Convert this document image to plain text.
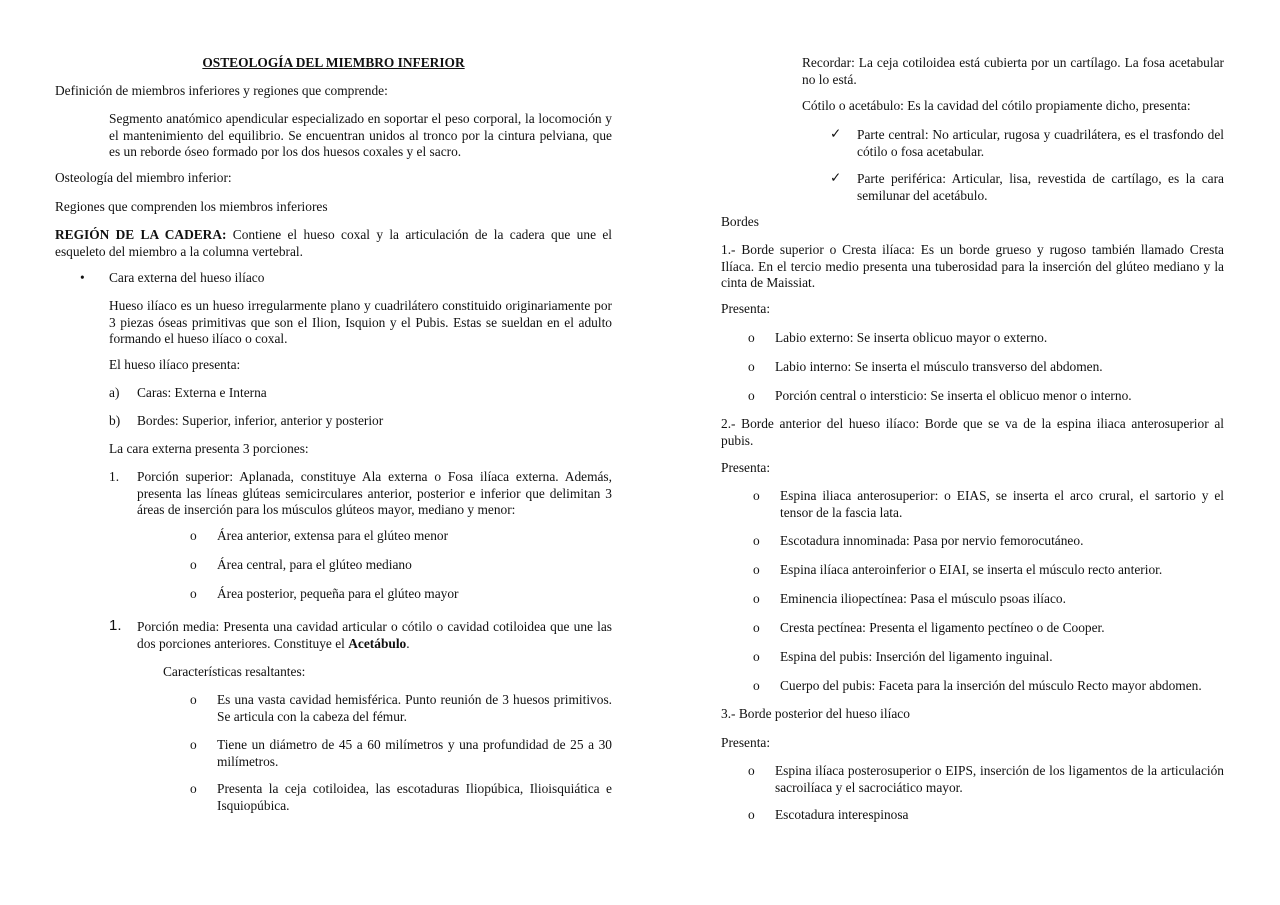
OSTEOLOGÍA DEL MIEMBRO INFERIOR

Definición de miembros inferiores y regiones que comprende:

Segmento anatómico apendicular especializado en soportar el peso corporal, la locomoción y el mantenimiento del equilibrio. Se encuentran unidos al tronco por la cintura pelviana, que es un reborde óseo formado por los dos huesos coxales y el sacro.

Osteología del miembro inferior:

Regiones que comprenden los miembros inferiores

REGIÓN DE LA CADERA: Contiene el hueso coxal y la articulación de la cadera que une el esqueleto del miembro a la columna vertebral.

• Cara externa del hueso ilíaco

Hueso ilíaco es un hueso irregularmente plano y cuadrilátero constituido originariamente por 3 piezas óseas primitivas que son el Ilion, Isquion y el Pubis. Estas se sueldan en el adulto formando el hueso ilíaco o coxal.

El hueso ilíaco presenta:

a) Caras: Externa e Interna

b) Bordes: Superior, inferior, anterior y posterior

La cara externa presenta 3 porciones:

1. Porción superior: Aplanada, constituye Ala externa o Fosa ilíaca externa. Además, presenta las líneas glúteas semicirculares anterior, posterior e inferior que delimitan 3 áreas de inserción para los músculos glúteos mayor, mediano y menor:

o Área anterior, extensa para el glúteo menor

o Área central, para el glúteo mediano

o Área posterior, pequeña para el glúteo mayor

1. Porción media: Presenta una cavidad articular o cótilo o cavidad cotiloidea que une las dos porciones anteriores. Constituye el Acetábulo.

Características resaltantes:

o Es una vasta cavidad hemisférica. Punto reunión de 3 huesos primitivos. Se articula con la cabeza del fémur.

o Tiene un diámetro de 45 a 60 milímetros y una profundidad de 25 a 30 milímetros.

o Presenta la ceja cotiloidea, las escotaduras Iliopúbica, Ilioisquiática e Isquiopúbica.

Recordar: La ceja cotiloidea está cubierta por un cartílago. La fosa acetabular no lo está.

Cótilo o acetábulo: Es la cavidad del cótilo propiamente dicho, presenta:

✓ Parte central: No articular, rugosa y cuadrilátera, es el trasfondo del cótilo o fosa acetabular.

✓ Parte periférica: Articular, lisa, revestida de cartílago, es la cara semilunar del acetábulo.

Bordes

1.- Borde superior o Cresta ilíaca: Es un borde grueso y rugoso también llamado Cresta Ilíaca. En el tercio medio presenta una tuberosidad para la inserción del glúteo mediano y la cinta de Maissiat.

Presenta:

o Labio externo: Se inserta oblicuo mayor o externo.

o Labio interno: Se inserta el músculo transverso del abdomen.

o Porción central o intersticio: Se inserta el oblicuo menor o interno.

2.- Borde anterior del hueso ilíaco: Borde que se va de la espina iliaca anterosuperior al pubis.

Presenta:

o Espina iliaca anterosuperior: o EIAS, se inserta el arco crural, el sartorio y el tensor de la fascia lata.

o Escotadura innominada: Pasa por nervio femorocutáneo.

o Espina ilíaca anteroinferior o EIAI, se inserta el músculo recto anterior.

o Eminencia iliopectínea: Pasa el músculo psoas ilíaco.

o Cresta pectínea: Presenta el ligamento pectíneo o de Cooper.

o Espina del pubis: Inserción del ligamento inguinal.

o Cuerpo del pubis: Faceta para la inserción del músculo Recto mayor abdomen.

3.- Borde posterior del hueso ilíaco

Presenta:

o Espina ilíaca posterosuperior o EIPS, inserción de los ligamentos de la articulación sacroilíaca y el sacrociático mayor.

o Escotadura interespinosa
